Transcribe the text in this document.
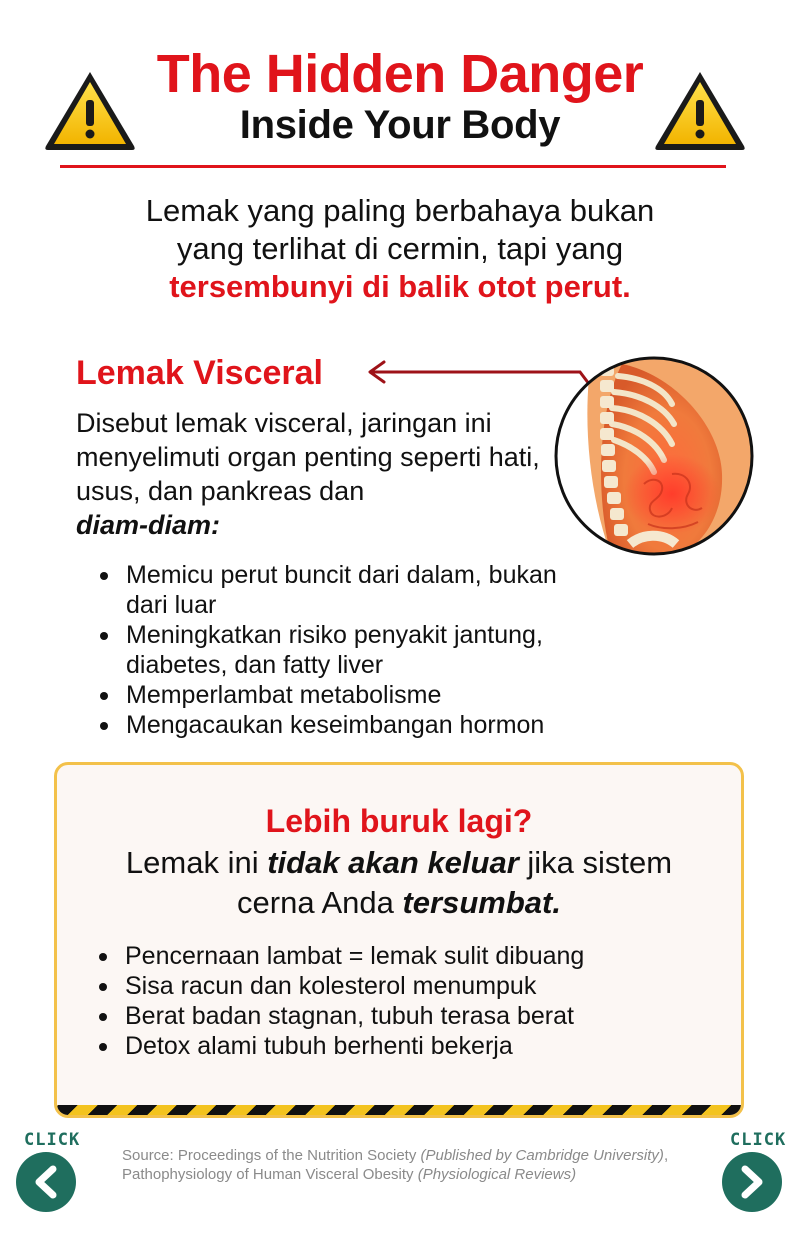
The Hidden Danger
Inside Your Body
Lemak yang paling berbahaya bukan
yang terlihat di cermin, tapi yang
tersembunyi di balik otot perut.
Lemak Visceral
Disebut lemak visceral, jaringan ini menyelimuti organ penting seperti hati, usus, dan pankreas dan
diam-diam:
Memicu perut buncit dari dalam, bukan dari luar
Meningkatkan risiko penyakit jantung, diabetes, dan fatty liver
Memperlambat metabolisme
Mengacaukan keseimbangan hormon
Lebih buruk lagi?
Lemak ini tidak akan keluar jika sistem
cerna Anda tersumbat.
Pencernaan lambat = lemak sulit dibuang
Sisa racun dan kolesterol menumpuk
Berat badan stagnan, tubuh terasa berat
Detox alami tubuh berhenti bekerja
CLICK
Source: Proceedings of the Nutrition Society (Published by Cambridge University), Pathophysiology of Human Visceral Obesity (Physiological Reviews)
CLICK
